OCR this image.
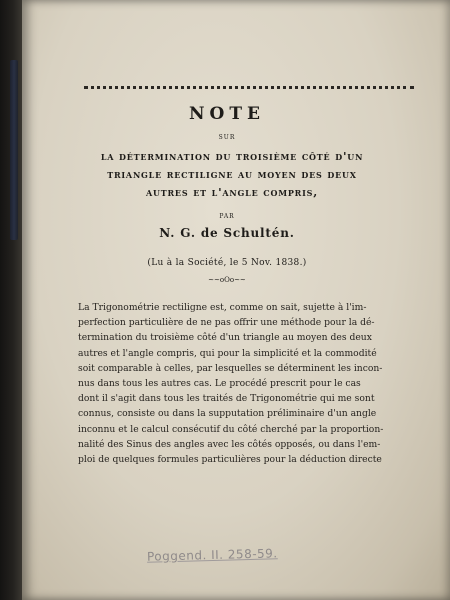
NOTE
SUR
la détermination du troisième côté d'un
triangle rectiligne au moyen des deux
autres et l'angle compris,
PAR
N. G. de Schultén.
(Lu à la Société, le 5 Nov. 1838.)
~~oOo~~
La Trigonométrie rectiligne est, comme on sait, sujette à l'im-
perfection particulière de ne pas offrir une méthode pour la dé-
termination du troisième côté d'un triangle au moyen des deux
autres et l'angle compris, qui pour la simplicité et la commodité
soit comparable à celles, par lesquelles se déterminent les incon-
nus dans tous les autres cas. Le procédé prescrit pour le cas
dont il s'agit dans tous les traités de Trigonométrie qui me sont
connus, consiste ou dans la supputation préliminaire d'un angle
inconnu et le calcul consécutif du côté cherché par la proportion-
nalité des Sinus des angles avec les côtés opposés, ou dans l'em-
ploi de quelques formules particulières pour la déduction directe
Poggend. II. 258-59.
